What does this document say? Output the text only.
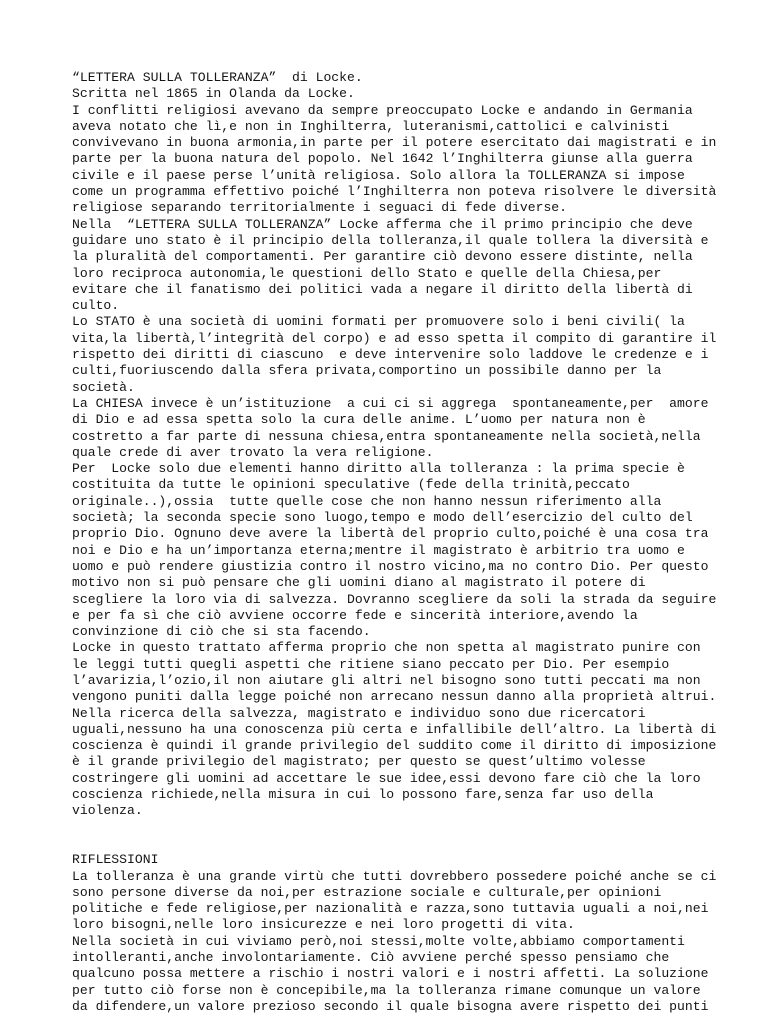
“LETTERA SULLA TOLLERANZA”  di Locke.
Scritta nel 1865 in Olanda da Locke.
I conflitti religiosi avevano da sempre preoccupato Locke e andando in Germania
aveva notato che lì,e non in Inghilterra, luteranismi,cattolici e calvinisti
convivevano in buona armonia,in parte per il potere esercitato dai magistrati e in
parte per la buona natura del popolo. Nel 1642 l’Inghilterra giunse alla guerra
civile e il paese perse l’unità religiosa. Solo allora la TOLLERANZA si impose
come un programma effettivo poiché l’Inghilterra non poteva risolvere le diversità
religiose separando territorialmente i seguaci di fede diverse.
Nella  “LETTERA SULLA TOLLERANZA” Locke afferma che il primo principio che deve
guidare uno stato è il principio della tolleranza,il quale tollera la diversità e
la pluralità del comportamenti. Per garantire ciò devono essere distinte, nella
loro reciproca autonomia,le questioni dello Stato e quelle della Chiesa,per
evitare che il fanatismo dei politici vada a negare il diritto della libertà di
culto.
Lo STATO è una società di uomini formati per promuovere solo i beni civili( la
vita,la libertà,l’integrità del corpo) e ad esso spetta il compito di garantire il
rispetto dei diritti di ciascuno  e deve intervenire solo laddove le credenze e i
culti,fuoriuscendo dalla sfera privata,comportino un possibile danno per la
società.
La CHIESA invece è un’istituzione  a cui ci si aggrega  spontaneamente,per  amore
di Dio e ad essa spetta solo la cura delle anime. L’uomo per natura non è
costretto a far parte di nessuna chiesa,entra spontaneamente nella società,nella
quale crede di aver trovato la vera religione.
Per  Locke solo due elementi hanno diritto alla tolleranza : la prima specie è
costituita da tutte le opinioni speculative (fede della trinità,peccato
originale..),ossia  tutte quelle cose che non hanno nessun riferimento alla
società; la seconda specie sono luogo,tempo e modo dell’esercizio del culto del
proprio Dio. Ognuno deve avere la libertà del proprio culto,poiché è una cosa tra
noi e Dio e ha un’importanza eterna;mentre il magistrato è arbitrio tra uomo e
uomo e può rendere giustizia contro il nostro vicino,ma no contro Dio. Per questo
motivo non si può pensare che gli uomini diano al magistrato il potere di
scegliere la loro via di salvezza. Dovranno scegliere da soli la strada da seguire
e per fa sì che ciò avviene occorre fede e sincerità interiore,avendo la
convinzione di ciò che si sta facendo.
Locke in questo trattato afferma proprio che non spetta al magistrato punire con
le leggi tutti quegli aspetti che ritiene siano peccato per Dio. Per esempio
l’avarizia,l’ozio,il non aiutare gli altri nel bisogno sono tutti peccati ma non
vengono puniti dalla legge poiché non arrecano nessun danno alla proprietà altrui.
Nella ricerca della salvezza, magistrato e individuo sono due ricercatori
uguali,nessuno ha una conoscenza più certa e infallibile dell’altro. La libertà di
coscienza è quindi il grande privilegio del suddito come il diritto di imposizione
è il grande privilegio del magistrato; per questo se quest’ultimo volesse
costringere gli uomini ad accettare le sue idee,essi devono fare ciò che la loro
coscienza richiede,nella misura in cui lo possono fare,senza far uso della
violenza.
RIFLESSIONI
La tolleranza è una grande virtù che tutti dovrebbero possedere poiché anche se ci
sono persone diverse da noi,per estrazione sociale e culturale,per opinioni
politiche e fede religiose,per nazionalità e razza,sono tuttavia uguali a noi,nei
loro bisogni,nelle loro insicurezze e nei loro progetti di vita.
Nella società in cui viviamo però,noi stessi,molte volte,abbiamo comportamenti
intolleranti,anche involontariamente. Ciò avviene perché spesso pensiamo che
qualcuno possa mettere a rischio i nostri valori e i nostri affetti. La soluzione
per tutto ciò forse non è concepibile,ma la tolleranza rimane comunque un valore
da difendere,un valore prezioso secondo il quale bisogna avere rispetto dei punti
